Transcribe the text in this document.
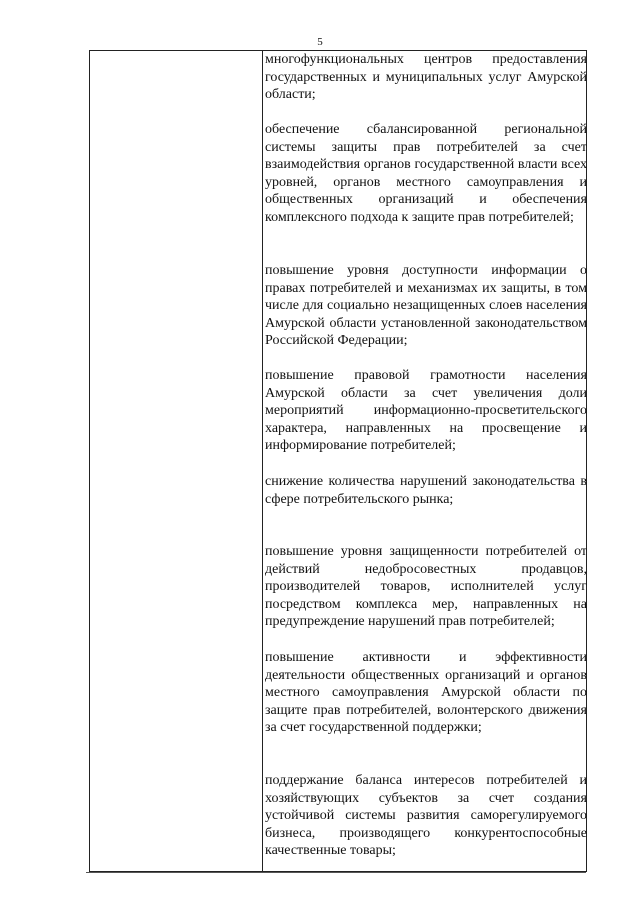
5

многофункциональных центров предоставления государственных и муниципальных услуг Амурской области;

обеспечение сбалансированной региональной системы защиты прав потребителей за счет взаимодействия органов государственной власти всех уровней, органов местного самоуправления и общественных организаций и обеспечения комплексного подхода к защите прав потребителей;

повышение уровня доступности информации о правах потребителей и механизмах их защиты, в том числе для социально незащищенных слоев населения Амурской области установленной законодательством Российской Федерации;

повышение правовой грамотности населения Амурской области за счет увеличения доли мероприятий информационно-просветительского характера, направленных на просвещение и информирование потребителей;

снижение количества нарушений законодательства в сфере потребительского рынка;

повышение уровня защищенности потребителей от действий недобросовестных продавцов, производителей товаров, исполнителей услуг посредством комплекса мер, направленных на предупреждение нарушений прав потребителей;

повышение активности и эффективности деятельности общественных организаций и органов местного самоуправления Амурской области по защите прав потребителей, волонтерского движения за счет государственной поддержки;

поддержание баланса интересов потребителей и хозяйствующих субъектов за счет создания устойчивой системы развития саморегулируемого бизнеса, производящего конкурентоспособные качественные товары;
